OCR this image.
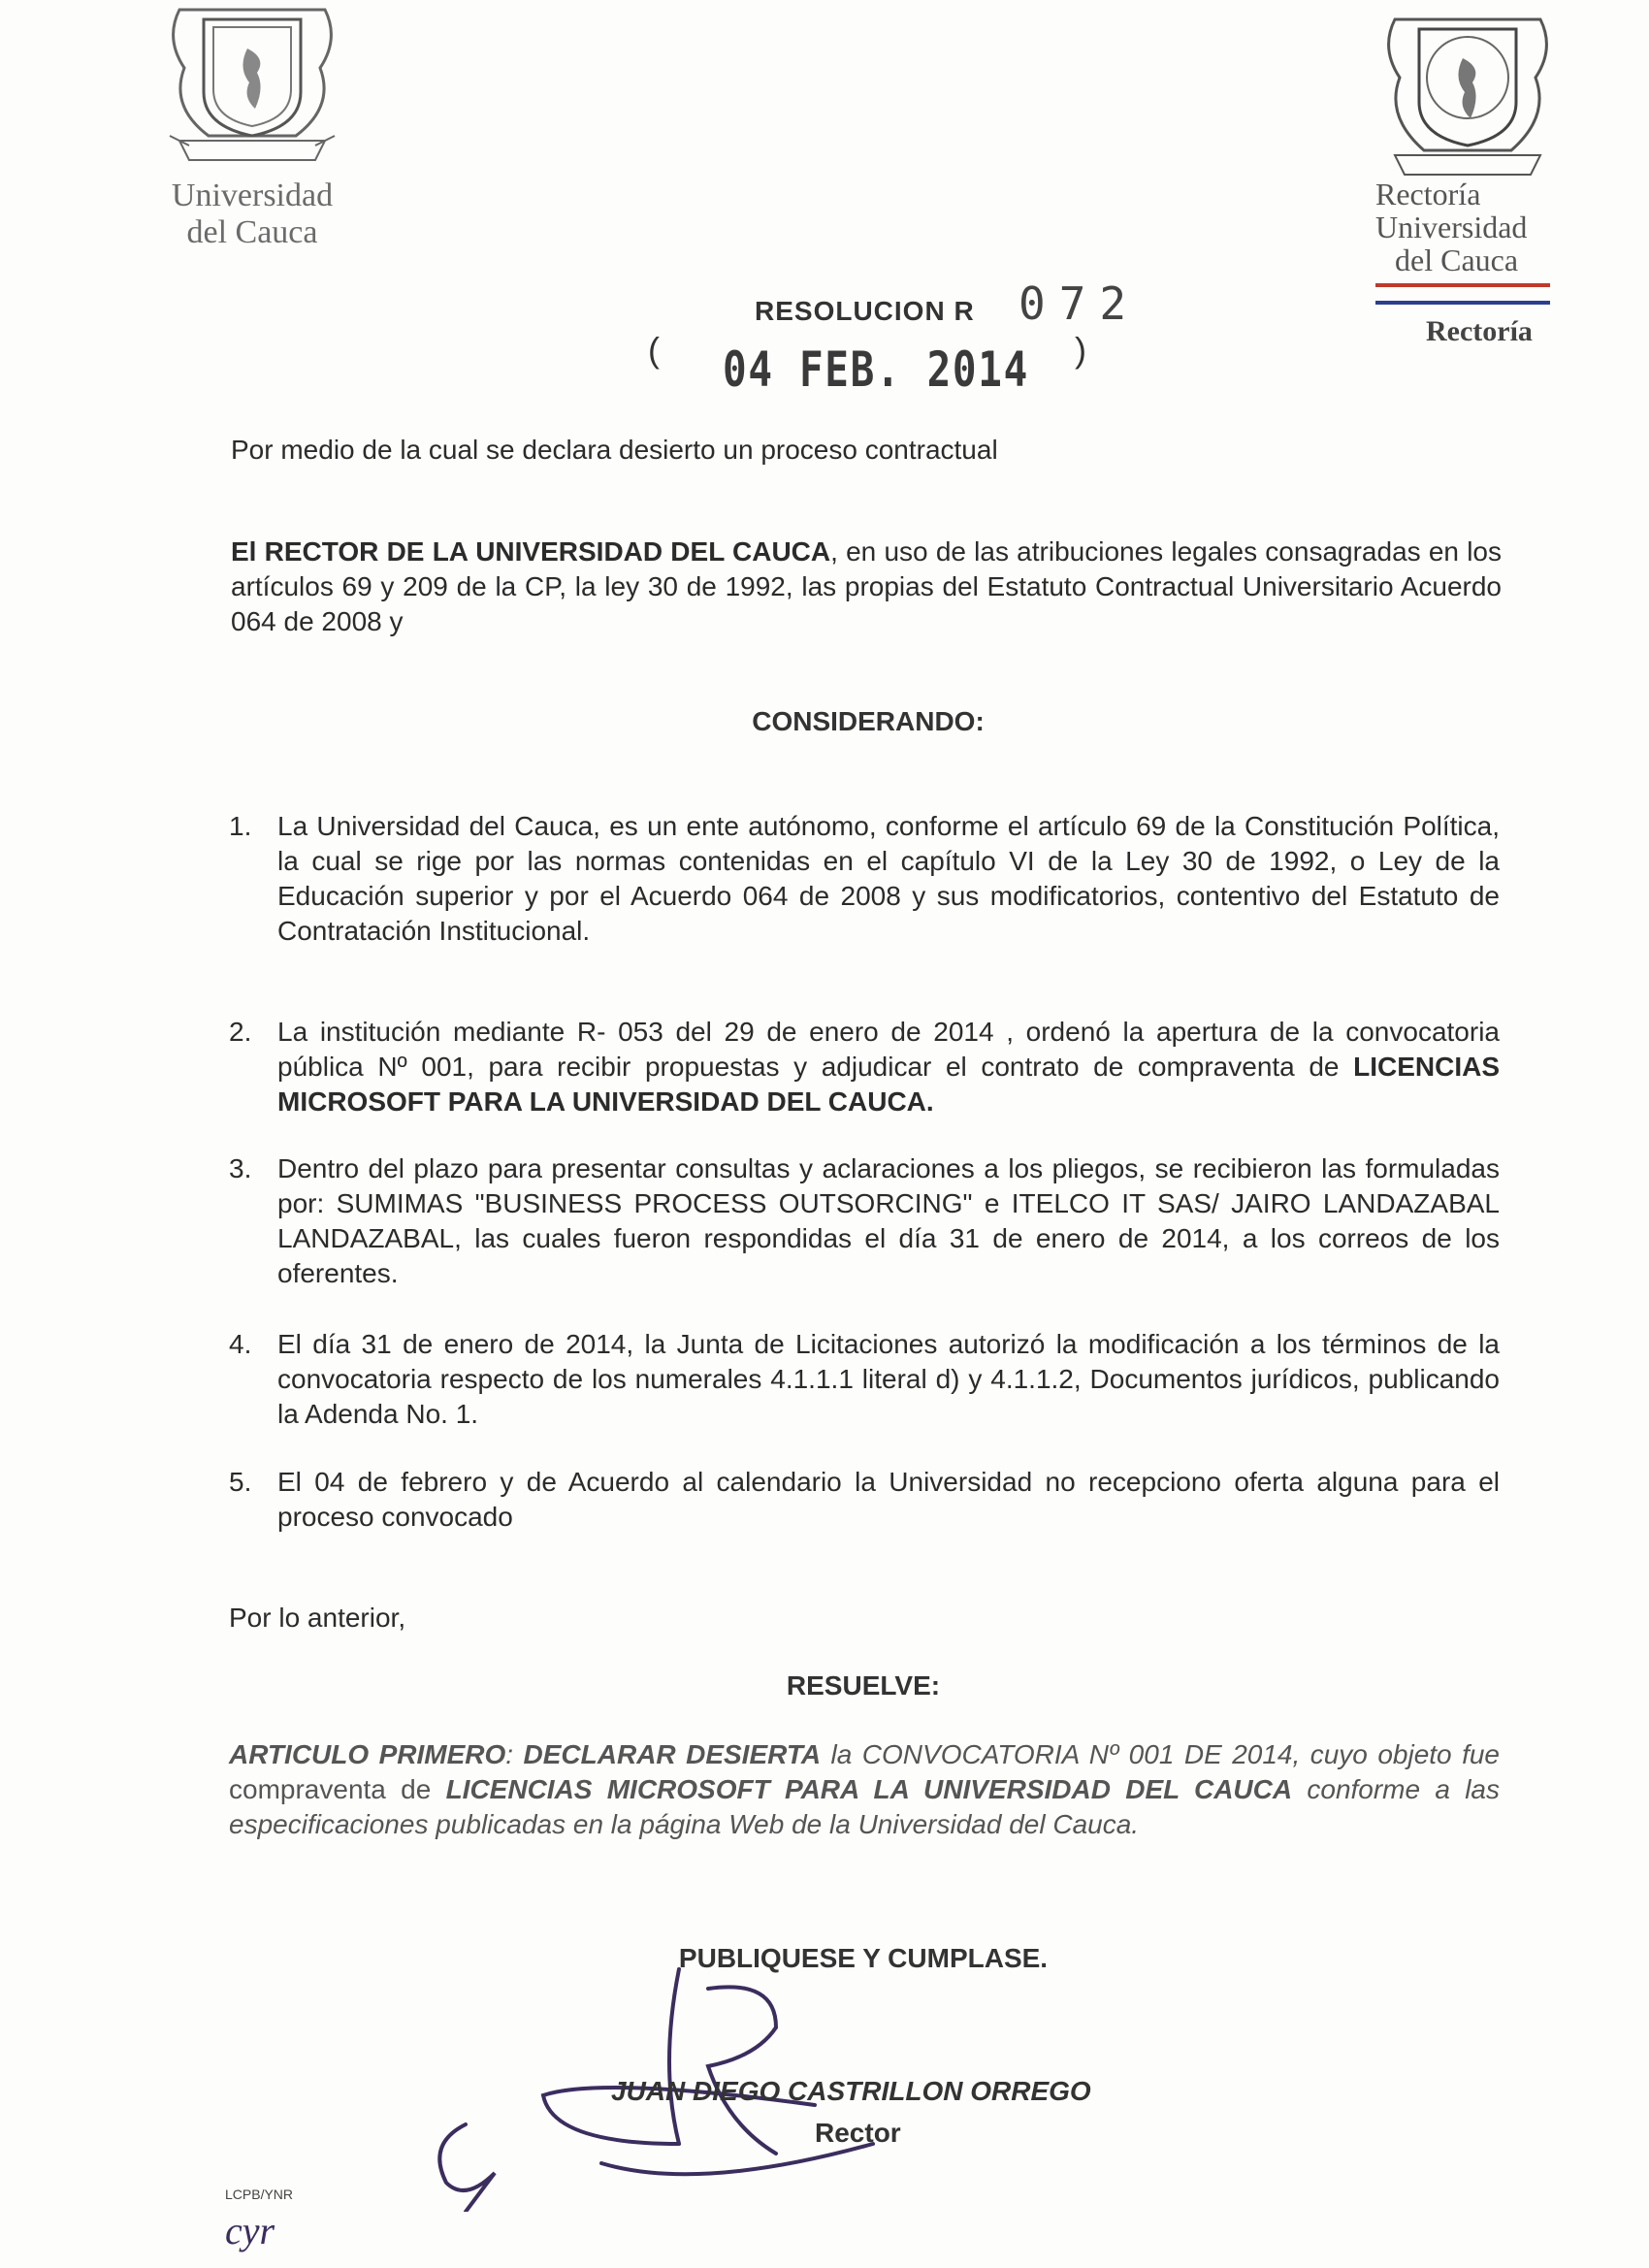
Universidad
del Cauca
Rectoría
Universidad
del Cauca
Rectoría
RESOLUCION R 072
( 04 FEB. 2014 )
Por medio de la cual se declara desierto un proceso contractual
El RECTOR DE LA UNIVERSIDAD DEL CAUCA, en uso de las atribuciones legales consagradas en los artículos 69 y 209 de la CP, la ley 30 de 1992, las propias del Estatuto Contractual Universitario Acuerdo 064 de 2008 y
CONSIDERANDO:
1. La Universidad del Cauca, es un ente autónomo, conforme el artículo 69 de la Constitución Política, la cual se rige por las normas contenidas en el capítulo VI de la Ley 30 de 1992, o Ley de la Educación superior y por el Acuerdo 064 de 2008 y sus modificatorios, contentivo del Estatuto de Contratación Institucional.
2. La institución mediante R- 053 del 29 de enero de 2014 , ordenó la apertura de la convocatoria pública Nº 001, para recibir propuestas y adjudicar el contrato de compraventa de LICENCIAS MICROSOFT PARA LA UNIVERSIDAD DEL CAUCA.
3. Dentro del plazo para presentar consultas y aclaraciones a los pliegos, se recibieron las formuladas por: SUMIMAS "BUSINESS PROCESS OUTSORCING" e ITELCO IT SAS/ JAIRO LANDAZABAL LANDAZABAL, las cuales fueron respondidas el día 31 de enero de 2014, a los correos de los oferentes.
4. El día 31 de enero de 2014, la Junta de Licitaciones autorizó la modificación a los términos de la convocatoria respecto de los numerales 4.1.1.1 literal d) y 4.1.1.2, Documentos jurídicos, publicando la Adenda No. 1.
5. El 04 de febrero y de Acuerdo al calendario la Universidad no recepciono oferta alguna para el proceso convocado
Por lo anterior,
RESUELVE:
ARTICULO PRIMERO: DECLARAR DESIERTA la CONVOCATORIA Nº 001 DE 2014, cuyo objeto fue compraventa de LICENCIAS MICROSOFT PARA LA UNIVERSIDAD DEL CAUCA conforme a las especificaciones publicadas en la página Web de la Universidad del Cauca.
PUBLIQUESE Y CUMPLASE.
JUAN DIEGO CASTRILLON ORREGO
Rector
LCPB/YNR
cyr
